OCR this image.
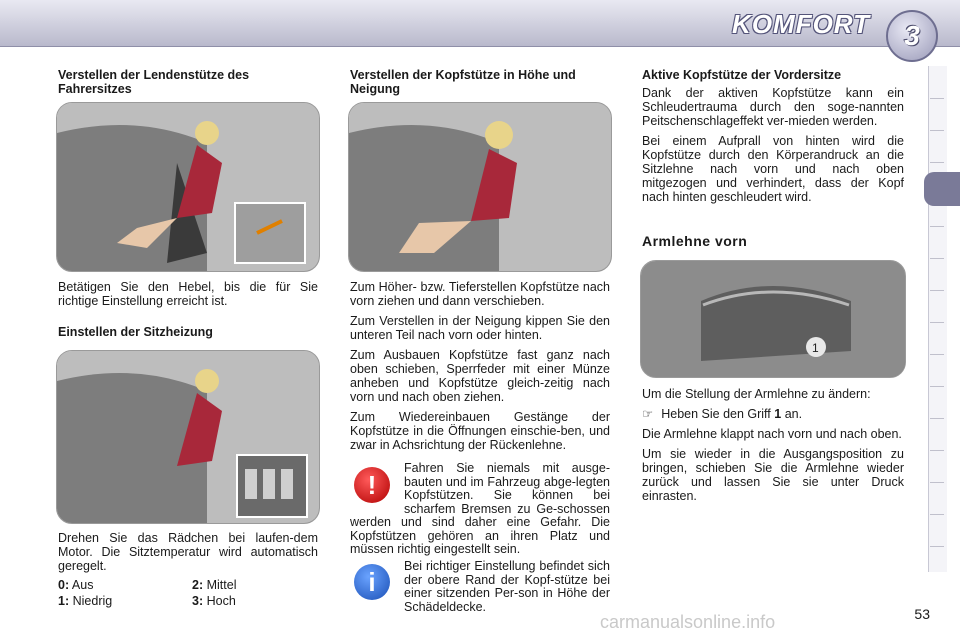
KOMFORT 3

Verstellen der Lendenstütze des Fahrersitzes

Betätigen Sie den Hebel, bis die für Sie richtige Einstellung erreicht ist.

Einstellen der Sitzheizung

Drehen Sie das Rädchen bei laufen-dem Motor. Die Sitztemperatur wird automatisch geregelt.

0: Aus
1: Niedrig
2: Mittel
3: Hoch

Verstellen der Kopfstütze in Höhe und Neigung

Zum Höher- bzw. Tieferstellen Kopfstütze nach vorn ziehen und dann verschieben.

Zum Verstellen in der Neigung kippen Sie den unteren Teil nach vorn oder hinten.

Zum Ausbauen Kopfstütze fast ganz nach oben schieben, Sperrfeder mit einer Münze anheben und Kopfstütze gleich-zeitig nach vorn und nach oben ziehen.

Zum Wiedereinbauen Gestänge der Kopfstütze in die Öffnungen einschie-ben, und zwar in Achsrichtung der Rückenlehne.

!
Fahren Sie niemals mit ausge-bauten und im Fahrzeug abge-legten Kopfstützen. Sie können bei scharfem Bremsen zu Ge-schossen werden und sind daher eine Gefahr. Die Kopfstützen gehören an ihren Platz und müssen richtig eingestellt sein.
i
Bei richtiger Einstellung befindet sich der obere Rand der Kopf-stütze bei einer sitzenden Per-son in Höhe der Schädeldecke.

Aktive Kopfstütze der Vordersitze

Dank der aktiven Kopfstütze kann ein Schleudertrauma durch den soge-nannten Peitschenschlageffekt ver-mieden werden.

Bei einem Aufprall von hinten wird die Kopfstütze durch den Körperandruck an die Sitzlehne nach vorn und nach oben mitgezogen und verhindert, dass der Kopf nach hinten geschleudert wird.

Armlehne vorn

1

Um die Stellung der Armlehne zu ändern:

☞ Heben Sie den Griff 1 an.

Die Armlehne klappt nach vorn und nach oben.

Um sie wieder in die Ausgangsposition zu bringen, schieben Sie die Armlehne wieder zurück und lassen Sie sie unter Druck einrasten.

53
carmanualsonline.info
